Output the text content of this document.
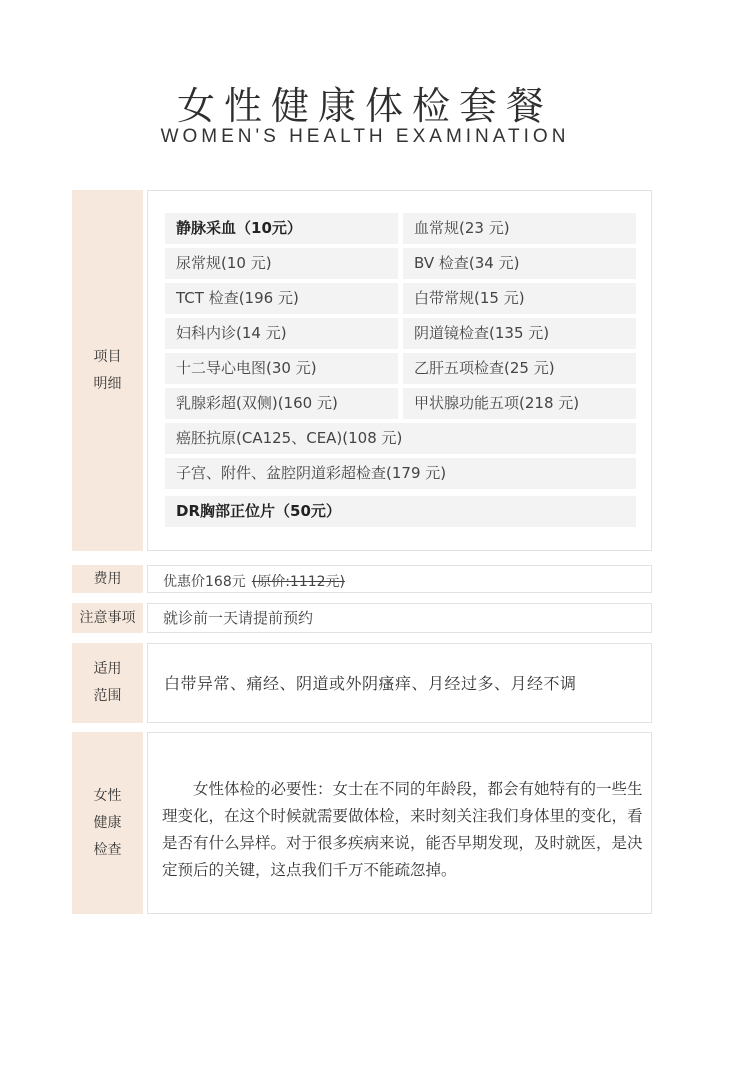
女性健康体检套餐
WOMEN'S HEALTH EXAMINATION
项目
明细
静脉采血（10元）	血常规(23 元)
尿常规(10 元)	BV 检查(34 元)
TCT 检查(196 元)	白带常规(15 元)
妇科内诊(14 元)	阴道镜检查(135 元)
十二导心电图(30 元)	乙肝五项检查(25 元)
乳腺彩超(双侧)(160 元)	甲状腺功能五项(218 元)
癌胚抗原(CA125、CEA)(108 元)
子宫、附件、盆腔阴道彩超检查(179 元)
DR胸部正位片（50元）
费用	优惠价168元 (原价:1112元)
注意事项	就诊前一天请提前预约
适用
范围
白带异常、痛经、阴道或外阴瘙痒、月经过多、月经不调
女性
健康
检查
女性体检的必要性：女士在不同的年龄段，都会有她特有的一些生理变化，在这个时候就需要做体检，来时刻关注我们身体里的变化，看是否有什么异样。对于很多疾病来说，能否早期发现，及时就医，是决定预后的关键，这点我们千万不能疏忽掉。
